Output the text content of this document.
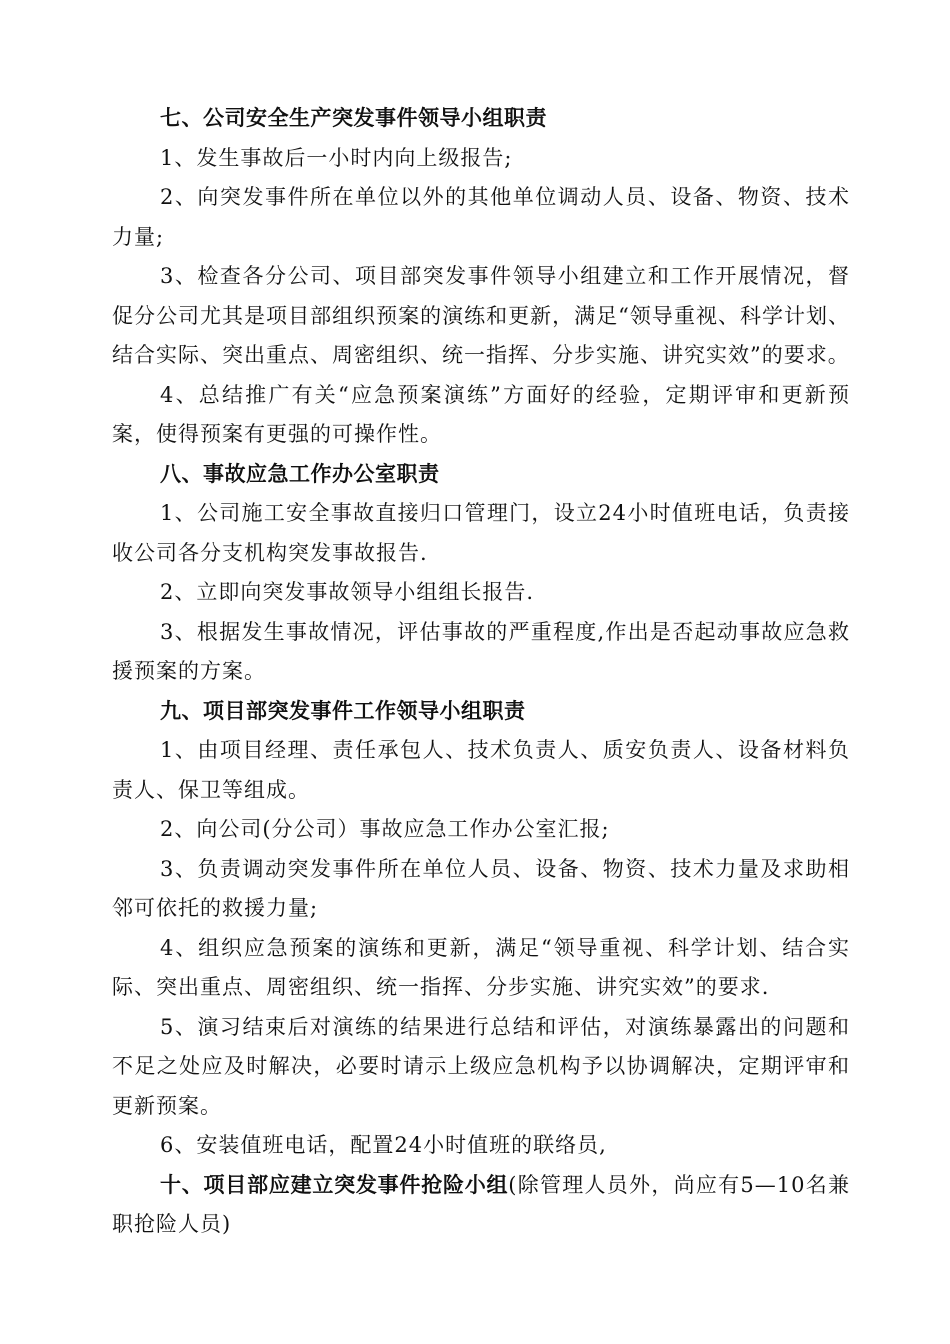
七、公司安全生产突发事件领导小组职责

1、发生事故后一小时内向上级报告;

2、向突发事件所在单位以外的其他单位调动人员、设备、物资、技术力量;

3、检查各分公司、项目部突发事件领导小组建立和工作开展情况，督促分公司尤其是项目部组织预案的演练和更新，满足“领导重视、科学计划、结合实际、突出重点、周密组织、统一指挥、分步实施、讲究实效”的要求。

4、总结推广有关“应急预案演练”方面好的经验，定期评审和更新预案，使得预案有更强的可操作性。

八、事故应急工作办公室职责

1、公司施工安全事故直接归口管理门，设立24小时值班电话，负责接收公司各分支机构突发事故报告.

2、立即向突发事故领导小组组长报告.

3、根据发生事故情况，评估事故的严重程度,作出是否起动事故应急救援预案的方案。

九、项目部突发事件工作领导小组职责

1、由项目经理、责任承包人、技术负责人、质安负责人、设备材料负责人、保卫等组成。

2、向公司(分公司）事故应急工作办公室汇报;

3、负责调动突发事件所在单位人员、设备、物资、技术力量及求助相邻可依托的救援力量;

4、组织应急预案的演练和更新，满足“领导重视、科学计划、结合实际、突出重点、周密组织、统一指挥、分步实施、讲究实效”的要求.

5、演习结束后对演练的结果进行总结和评估，对演练暴露出的问题和不足之处应及时解决，必要时请示上级应急机构予以协调解决，定期评审和更新预案。

6、安装值班电话，配置24小时值班的联络员,

十、项目部应建立突发事件抢险小组(除管理人员外，尚应有5—10名兼职抢险人员)
